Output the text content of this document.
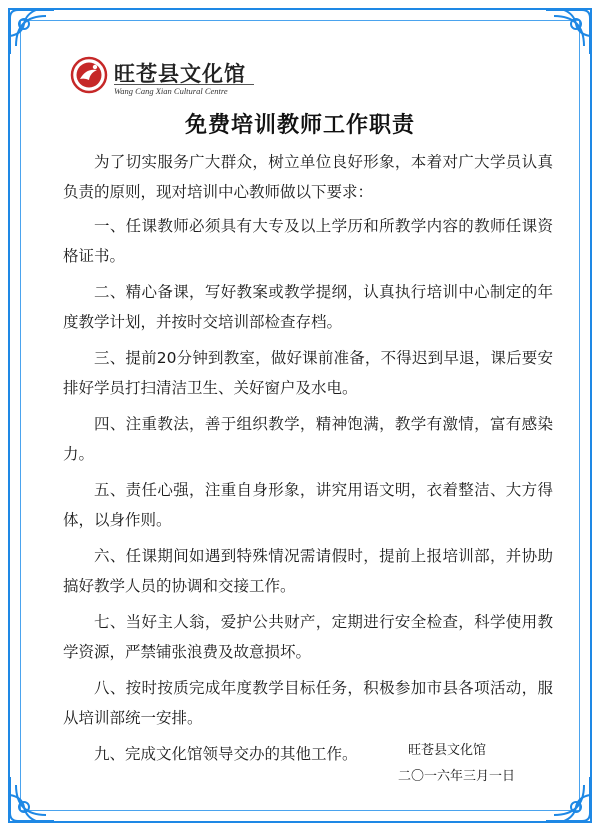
旺苍县文化馆
Wang Cang Xian Cultural Centre
免费培训教师工作职责

为了切实服务广大群众，树立单位良好形象，本着对广大学员认真负责的原则，现对培训中心教师做以下要求：

一、任课教师必须具有大专及以上学历和所教学内容的教师任课资格证书。

二、精心备课，写好教案或教学提纲，认真执行培训中心制定的年度教学计划，并按时交培训部检查存档。

三、提前20分钟到教室，做好课前准备，不得迟到早退，课后要安排好学员打扫清洁卫生、关好窗户及水电。

四、注重教法，善于组织教学，精神饱满，教学有激情，富有感染力。

五、责任心强，注重自身形象，讲究用语文明，衣着整洁、大方得体，以身作则。

六、任课期间如遇到特殊情况需请假时，提前上报培训部，并协助搞好教学人员的协调和交接工作。

七、当好主人翁，爱护公共财产，定期进行安全检查，科学使用教学资源，严禁铺张浪费及故意损坏。

八、按时按质完成年度教学目标任务，积极参加市县各项活动，服从培训部统一安排。

九、完成文化馆领导交办的其他工作。	旺苍县文化馆
二〇一六年三月一日
